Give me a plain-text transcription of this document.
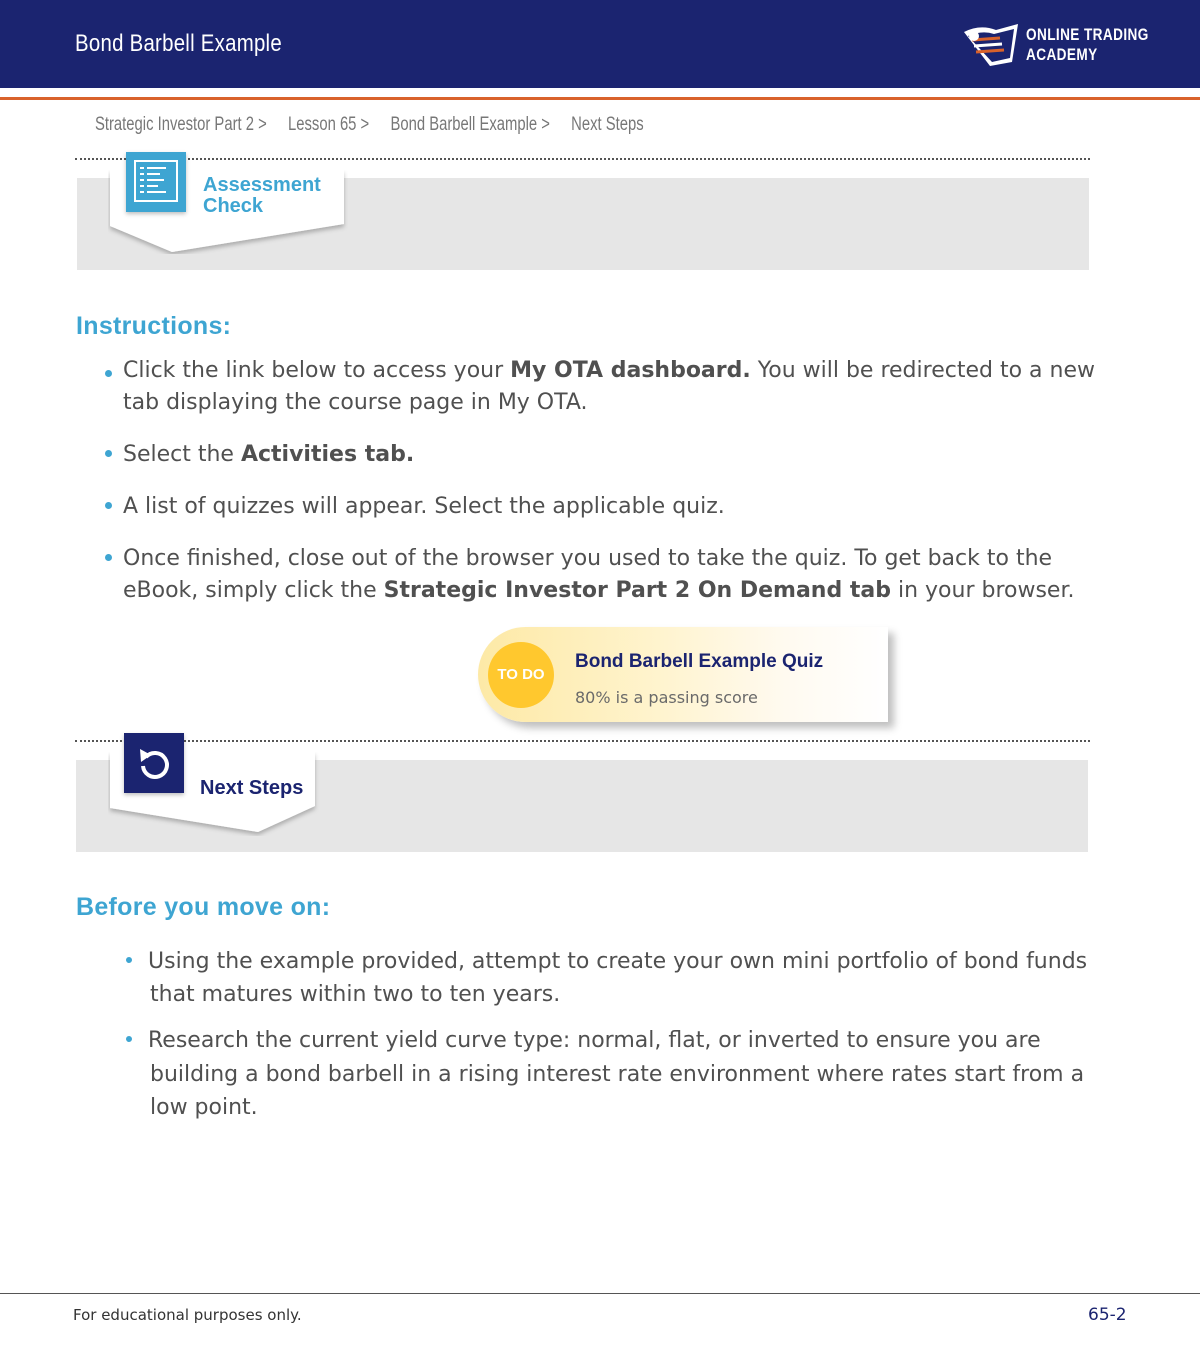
Bond Barbell Example	ONLINE TRADING
ACADEMY
Strategic Investor Part 2 > Lesson 65 > Bond Barbell Example > Next Steps
Assessment
Check
Instructions:
Click the link below to access your My OTA dashboard. You will be redirected to a new
tab displaying the course page in My OTA.
Select the Activities tab.
A list of quizzes will appear. Select the applicable quiz.
Once finished, close out of the browser you used to take the quiz. To get back to the
eBook, simply click the Strategic Investor Part 2 On Demand tab in your browser.
TO DO
Bond Barbell Example Quiz
80% is a passing score
Next Steps
Before you move on:
Using the example provided, attempt to create your own mini portfolio of bond funds
that matures within two to ten years.
Research the current yield curve type: normal, flat, or inverted to ensure you are
building a bond barbell in a rising interest rate environment where rates start from a
low point.
For educational purposes only.	65-2
